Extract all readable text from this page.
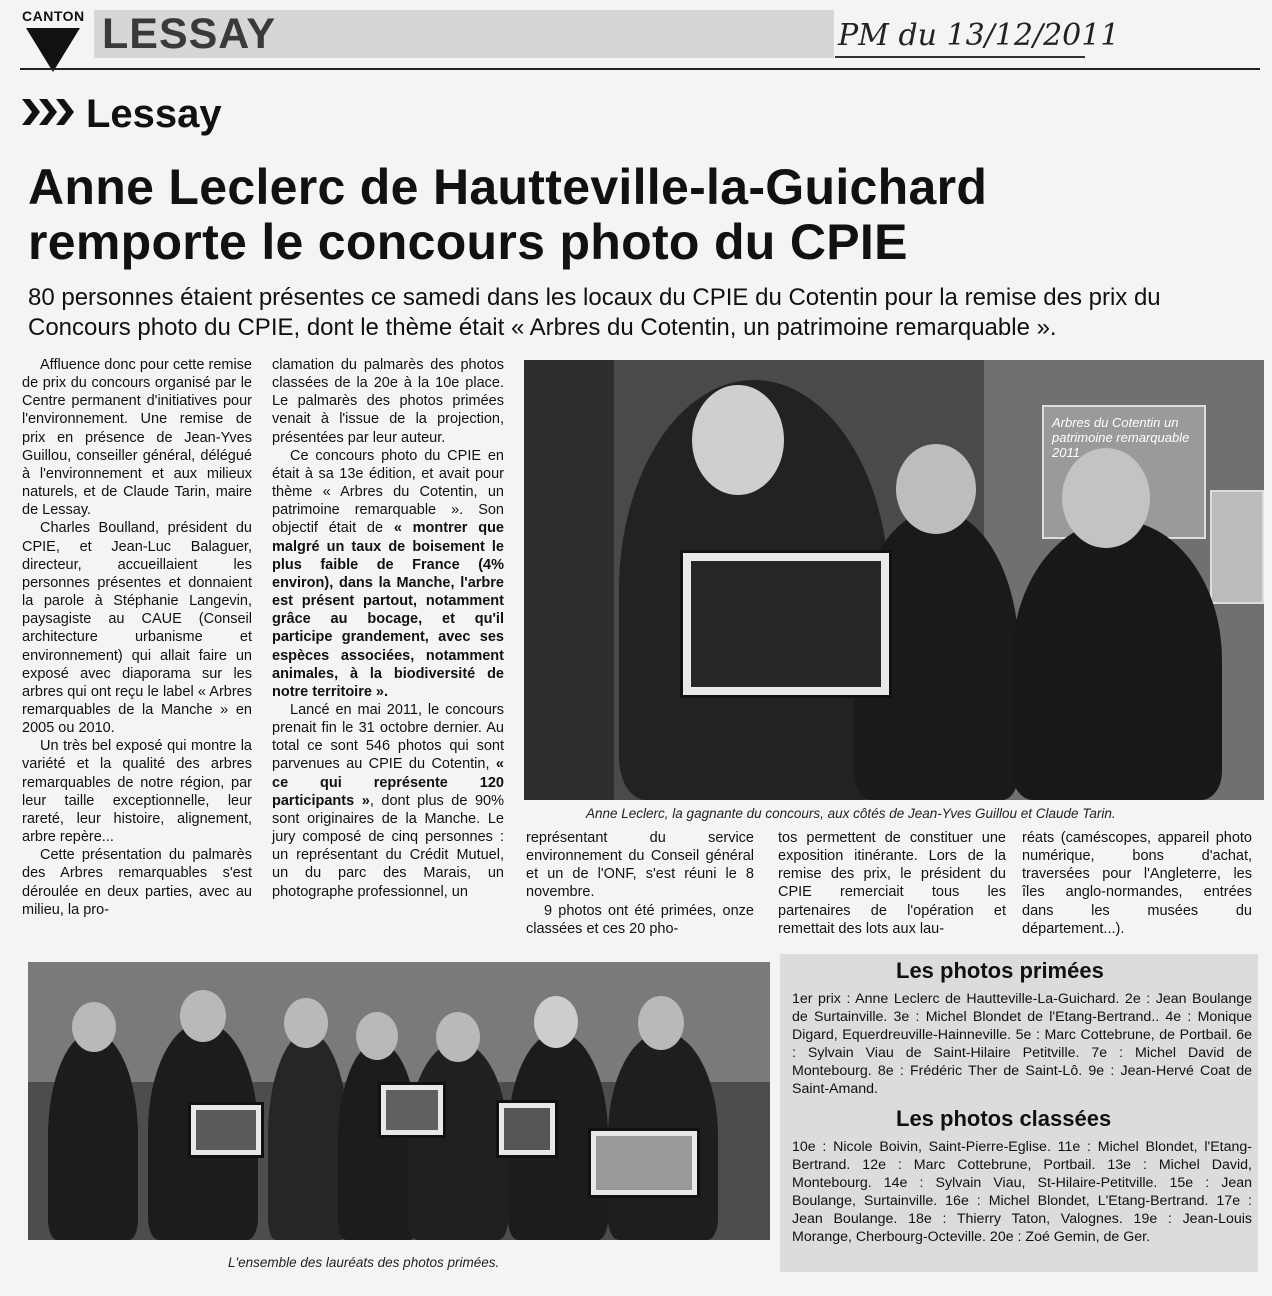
CANTON LESSAY	PM du 13/12/2011
Lessay
Anne Leclerc de Hautteville-la-Guichard
remporte le concours photo du CPIE
80 personnes étaient présentes ce samedi dans les locaux du CPIE du Cotentin pour la remise des prix du Concours photo du CPIE, dont le thème était « Arbres du Cotentin, un patrimoine remarquable ».

Affluence donc pour cette remise de prix du concours organisé par le Centre permanent d'initiatives pour l'environnement. Une remise de prix en présence de Jean-Yves Guillou, conseiller général, délégué à l'environnement et aux milieux naturels, et de Claude Tarin, maire de Lessay.

Charles Boulland, président du CPIE, et Jean-Luc Balaguer, directeur, accueillaient les personnes présentes et donnaient la parole à Stéphanie Langevin, paysagiste au CAUE (Conseil architecture urbanisme et environnement) qui allait faire un exposé avec diaporama sur les arbres qui ont reçu le label « Arbres remarquables de la Manche » en 2005 ou 2010.

Un très bel exposé qui montre la variété et la qualité des arbres remarquables de notre région, par leur taille exceptionnelle, leur rareté, leur histoire, alignement, arbre repère...

Cette présentation du palmarès des Arbres remarquables s'est déroulée en deux parties, avec au milieu, la pro-

clamation du palmarès des photos classées de la 20e à la 10e place. Le palmarès des photos primées venait à l'issue de la projection, présentées par leur auteur.

Ce concours photo du CPIE en était à sa 13e édition, et avait pour thème « Arbres du Cotentin, un patrimoine remarquable ». Son objectif était de « montrer que malgré un taux de boisement le plus faible de France (4% environ), dans la Manche, l'arbre est présent partout, notamment grâce au bocage, et qu'il participe grandement, avec ses espèces associées, notamment animales, à la biodiversité de notre territoire ».

Lancé en mai 2011, le concours prenait fin le 31 octobre dernier. Au total ce sont 546 photos qui sont parvenues au CPIE du Cotentin, « ce qui représente 120 participants », dont plus de 90% sont originaires de la Manche. Le jury composé de cinq personnes : un représentant du Crédit Mutuel, un du parc des Marais, un photographe professionnel, un

Arbres du Cotentin un patrimoine remarquable 2011
Anne Leclerc, la gagnante du concours, aux côtés de Jean-Yves Guillou et Claude Tarin.

représentant du service environnement du Conseil général et un de l'ONF, s'est réuni le 8 novembre.

9 photos ont été primées, onze classées et ces 20 pho-

tos permettent de constituer une exposition itinérante. Lors de la remise des prix, le président du CPIE remerciait tous les partenaires de l'opération et remettait des lots aux lau-

réats (caméscopes, appareil photo numérique, bons d'achat, traversées pour l'Angleterre, les îles anglo-normandes, entrées dans les musées du département...).

L'ensemble des lauréats des photos primées.
Les photos primées
1er prix : Anne Leclerc de Hautteville-La-Guichard. 2e : Jean Boulange de Surtainville. 3e : Michel Blondet de l'Etang-Bertrand.. 4e : Monique Digard, Equerdreuville-Hainneville. 5e : Marc Cottebrune, de Portbail. 6e : Sylvain Viau de Saint-Hilaire Petitville. 7e : Michel David de Montebourg. 8e : Frédéric Ther de Saint-Lô. 9e : Jean-Hervé Coat de Saint-Amand.
Les photos classées
10e : Nicole Boivin, Saint-Pierre-Eglise. 11e : Michel Blondet, l'Etang-Bertrand. 12e : Marc Cottebrune, Portbail. 13e : Michel David, Montebourg. 14e : Sylvain Viau, St-Hilaire-Petitville. 15e : Jean Boulange, Surtainville. 16e : Michel Blondet, L'Etang-Bertrand. 17e : Jean Boulange. 18e : Thierry Taton, Valognes. 19e : Jean-Louis Morange, Cherbourg-Octeville. 20e : Zoé Gemin, de Ger.
